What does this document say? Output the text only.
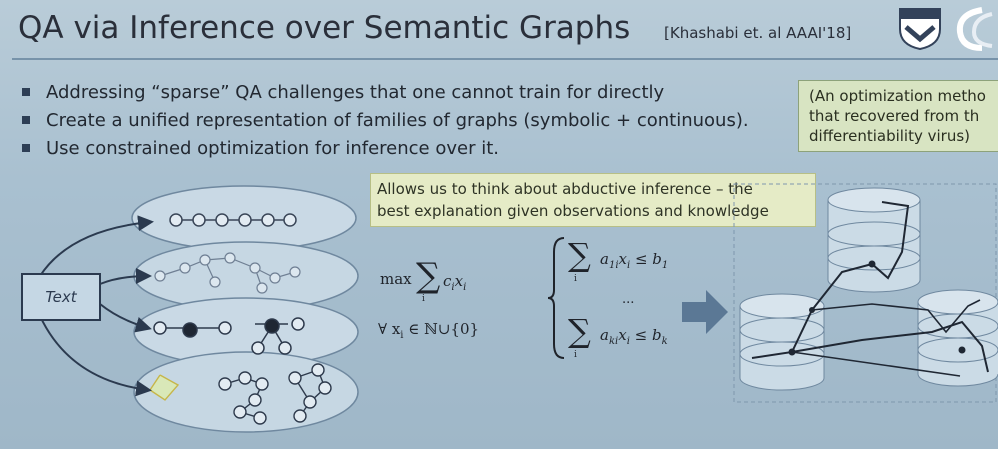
QA via Inference over Semantic Graphs [Khashabi et. al AAAI'18]
Addressing “sparse” QA challenges that one cannot train for directly
Create a unified representation of families of graphs (symbolic + continuous).
Use constrained optimization for inference over it.
(An optimization metho
that recovered from th
differentiability virus)
Allows us to think about abductive inference – the
best explanation given observations and knowledge
Text
max ∑
i
$c_ix_i$
∀ $x_i$ ∈ ℕ∪{0}
∑
i
$a_{1i}x_i \le b_1$
...
∑
i
$a_{ki}x_i \le b_k$
